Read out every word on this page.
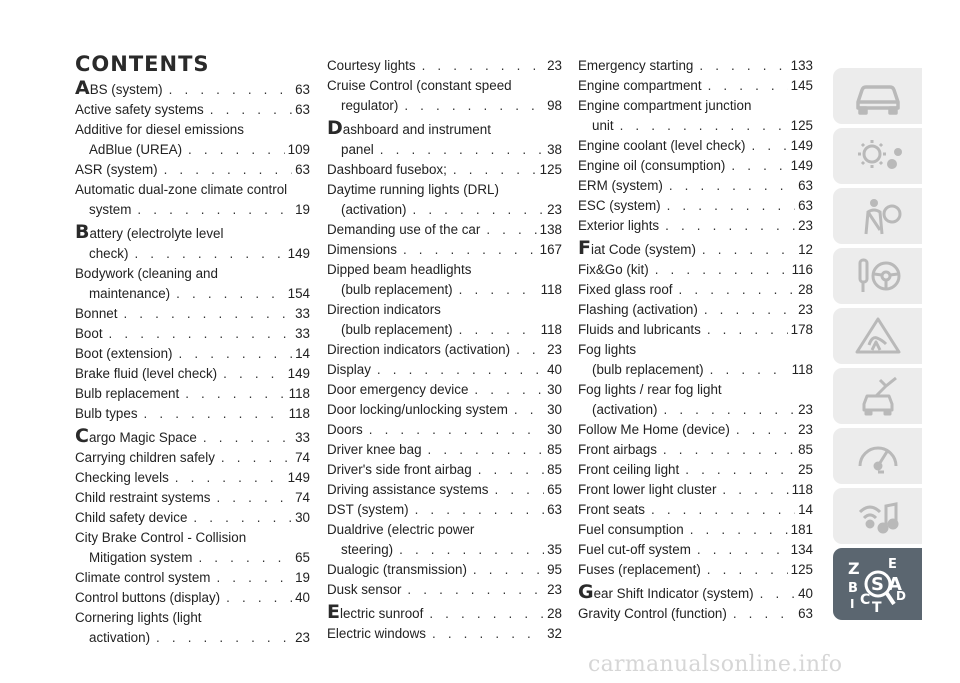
CONTENTS
A BS (system) . . .	63
Active safety systems . . .	63
Additive for diesel emissions
AdBlue (UREA) . . .	109
ASR (system) . . .	63
Automatic dual-zone climate control
system . . .	19
Battery (electrolyte level
check) . . .	149
Bodywork (cleaning and
maintenance) . . .	154
Bonnet . . .	33
Boot . . .	33
Boot (extension) . . .	14
Brake fluid (level check) . . .	149
Bulb replacement . . .	118
Bulb types . . .	118
C argo Magic Space . . .	33
Carrying children safely . . .	74
Checking levels . . .	149
Child restraint systems . . .	74
Child safety device . . .	30
City Brake Control - Collision
Mitigation system . . .	65
Climate control system . . .	19
Control buttons (display) . . .	40
Cornering lights (light
activation) . . .	23
Courtesy lights . . .	23
Cruise Control (constant speed
regulator) . . .	98
Dashboard and instrument
panel . . .	38
Dashboard fusebox; . . .	125
Daytime running lights (DRL)
(activation) . . .	23
Demanding use of the car . . .	138
Dimensions . . .	167
Dipped beam headlights
(bulb replacement) . . .	118
Direction indicators
(bulb replacement) . . .	118
Direction indicators (activation) . . .	23
Display . . .	40
Door emergency device . . .	30
Door locking/unlocking system . . .	30
Doors . . .	30
Driver knee bag . . .	85
Driver's side front airbag . . .	85
Driving assistance systems . . .	65
DST (system) . . .	63
Dualdrive (electric power
steering) . . .	35
Dualogic (transmission) . . .	95
Dusk sensor . . .	23
E lectric sunroof . . .	28
Electric windows . . .	32
Emergency starting . . .	133
Engine compartment . . .	145
Engine compartment junction
unit . . .	125
Engine coolant (level check) . . .	149
Engine oil (consumption) . . .	149
ERM (system) . . .	63
ESC (system) . . .	63
Exterior lights . . .	23
F iat Code (system) . . .	12
Fix&Go (kit) . . .	116
Fixed glass roof . . .	28
Flashing (activation) . . .	23
Fluids and lubricants . . .	178
Fog lights
(bulb replacement) . . .	118
Fog lights / rear fog light
(activation) . . .	23
Follow Me Home (device) . . .	23
Front airbags . . .	85
Front ceiling light . . .	25
Front lower light cluster . . .	118
Front seats . . .	14
Fuel consumption . . .	181
Fuel cut-off system . . .	134
Fuses (replacement) . . .	125
G ear Shift Indicator (system) . . .	40
Gravity Control (function) . . .	63
Z E
B A
C T
D
I
S
carmanualsonline.info
